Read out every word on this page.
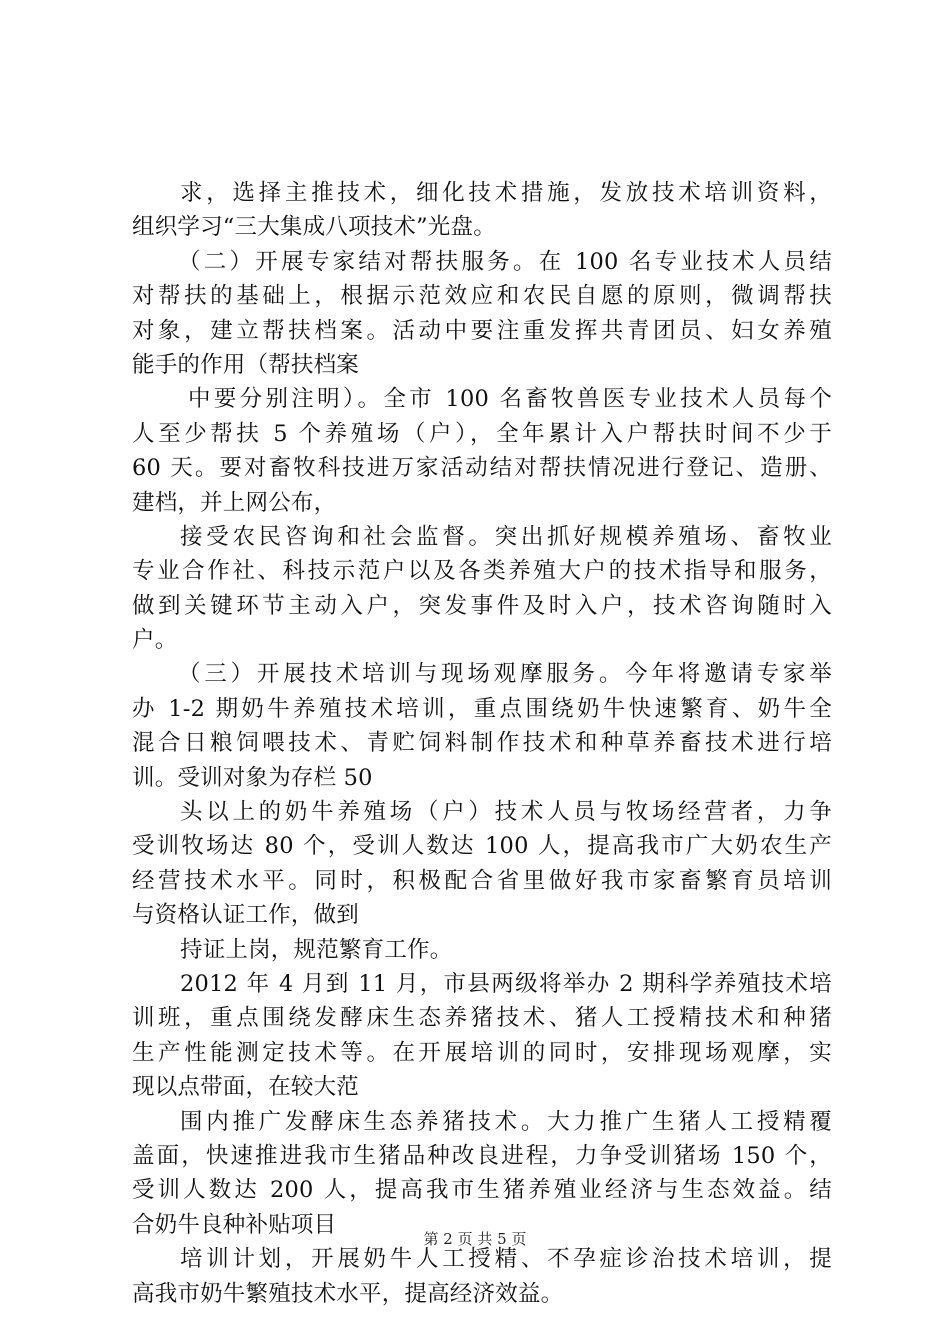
求，选择主推技术，细化技术措施，发放技术培训资料，
组织学习“三大集成八项技术”光盘。
（二）开展专家结对帮扶服务。在 100 名专业技术人员结
对帮扶的基础上，根据示范效应和农民自愿的原则，微调帮扶
对象，建立帮扶档案。活动中要注重发挥共青团员、妇女养殖
能手的作用（帮扶档案
中要分别注明）。全市 100 名畜牧兽医专业技术人员每个
人至少帮扶 5 个养殖场（户），全年累计入户帮扶时间不少于
60 天。要对畜牧科技进万家活动结对帮扶情况进行登记、造册、
建档，并上网公布，
接受农民咨询和社会监督。突出抓好规模养殖场、畜牧业
专业合作社、科技示范户以及各类养殖大户的技术指导和服务，
做到关键环节主动入户，突发事件及时入户，技术咨询随时入
户。
（三）开展技术培训与现场观摩服务。今年将邀请专家举
办 1-2 期奶牛养殖技术培训，重点围绕奶牛快速繁育、奶牛全
混合日粮饲喂技术、青贮饲料制作技术和种草养畜技术进行培
训。受训对象为存栏 50
头以上的奶牛养殖场（户）技术人员与牧场经营者，力争
受训牧场达 80 个，受训人数达 100 人，提高我市广大奶农生产
经营技术水平。同时，积极配合省里做好我市家畜繁育员培训
与资格认证工作，做到
持证上岗，规范繁育工作。
2012 年 4 月到 11 月，市县两级将举办 2 期科学养殖技术培
训班，重点围绕发酵床生态养猪技术、猪人工授精技术和种猪
生产性能测定技术等。在开展培训的同时，安排现场观摩，实
现以点带面，在较大范
围内推广发酵床生态养猪技术。大力推广生猪人工授精覆
盖面，快速推进我市生猪品种改良进程，力争受训猪场 150 个，
受训人数达 200 人，提高我市生猪养殖业经济与生态效益。结
合奶牛良种补贴项目
培训计划，开展奶牛人工授精、不孕症诊治技术培训，提
高我市奶牛繁殖技术水平，提高经济效益。
第 2 页 共 5 页
